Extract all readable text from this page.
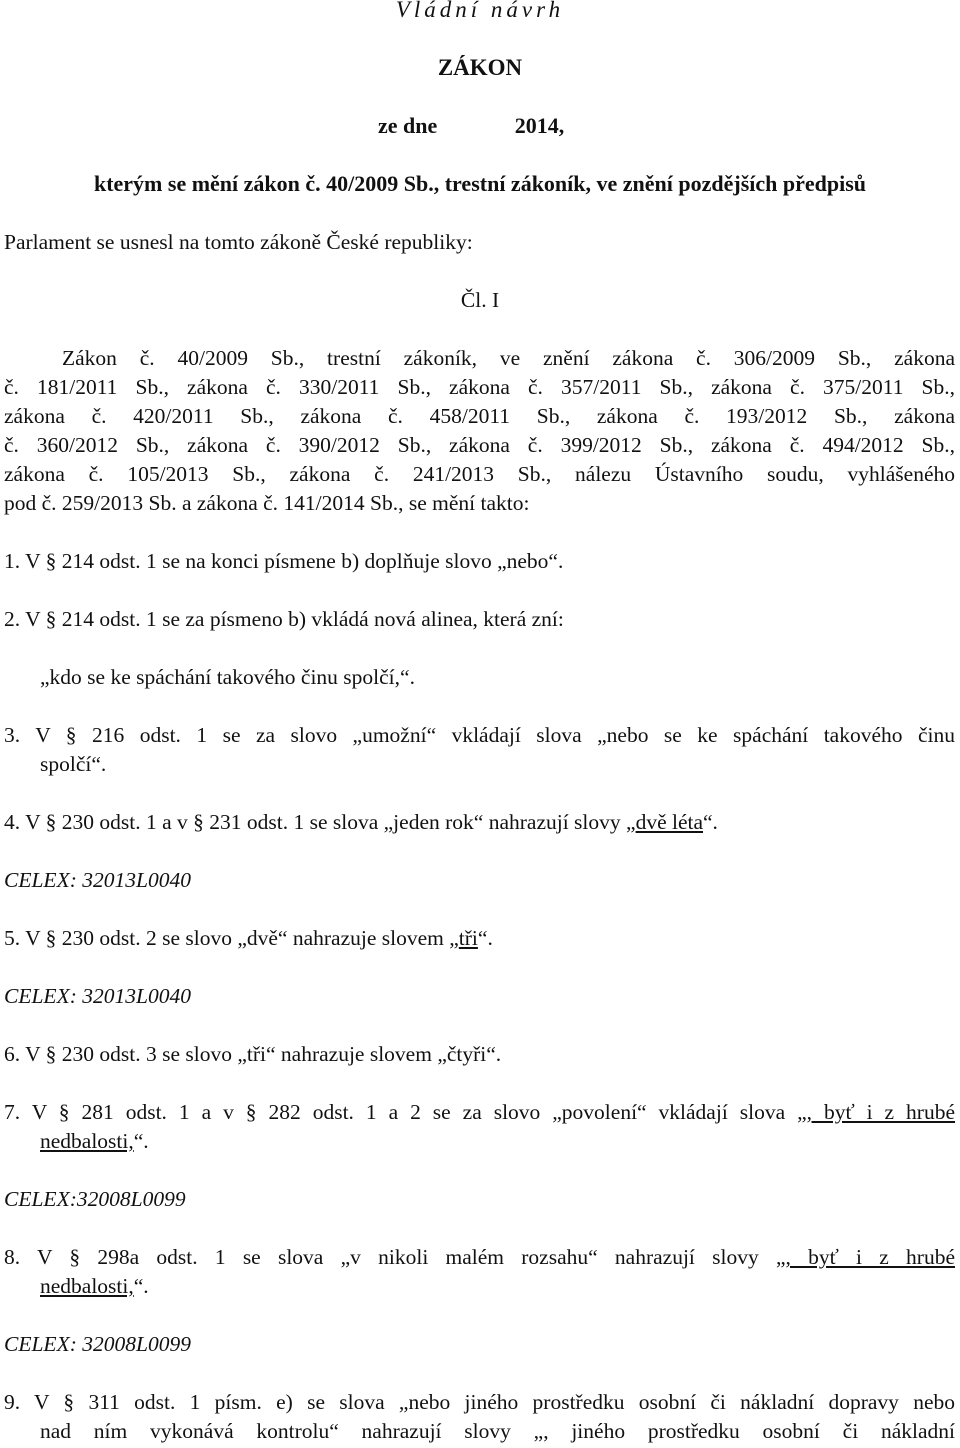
Vládní návrh
ZÁKON
ze dne	2014,
kterým se mění zákon č. 40/2009 Sb., trestní zákoník, ve znění pozdějších předpisů
Parlament se usnesl na tomto zákoně České republiky:
Čl. I
Zákon č. 40/2009 Sb., trestní zákoník, ve znění zákona č. 306/2009 Sb., zákona
č. 181/2011 Sb., zákona č. 330/2011 Sb., zákona č. 357/2011 Sb., zákona č. 375/2011 Sb.,
zákona č. 420/2011 Sb., zákona č. 458/2011 Sb., zákona č. 193/2012 Sb., zákona
č. 360/2012 Sb., zákona č. 390/2012 Sb., zákona č. 399/2012 Sb., zákona č. 494/2012 Sb.,
zákona č. 105/2013 Sb., zákona č. 241/2013 Sb., nálezu Ústavního soudu, vyhlášeného
pod č. 259/2013 Sb. a zákona č. 141/2014 Sb., se mění takto:
1. V § 214 odst. 1 se na konci písmene b) doplňuje slovo „nebo“.
2. V § 214 odst. 1 se za písmeno b) vkládá nová alinea, která zní:
„kdo se ke spáchání takového činu spolčí,“.
3. V § 216 odst. 1 se za slovo „umožní“ vkládají slova „nebo se ke spáchání takového činu
spolčí“.
4. V § 230 odst. 1 a v § 231 odst. 1 se slova „jeden rok“ nahrazují slovy „dvě léta“.
CELEX: 32013L0040
5. V § 230 odst. 2 se slovo „dvě“ nahrazuje slovem „tři“.
CELEX: 32013L0040
6. V § 230 odst. 3 se slovo „tři“ nahrazuje slovem „čtyři“.
7. V § 281 odst. 1 a v § 282 odst. 1 a 2 se za slovo „povolení“ vkládají slova „, byť i z hrubé
nedbalosti,“.
CELEX:32008L0099
8. V § 298a odst. 1 se slova „v nikoli malém rozsahu“ nahrazují slovy „, byť i z hrubé
nedbalosti,“.
CELEX: 32008L0099
9. V § 311 odst. 1 písm. e) se slova „nebo jiného prostředku osobní či nákladní dopravy nebo
nad ním vykonává kontrolu“ nahrazují slovy „, jiného prostředku osobní či nákladní
